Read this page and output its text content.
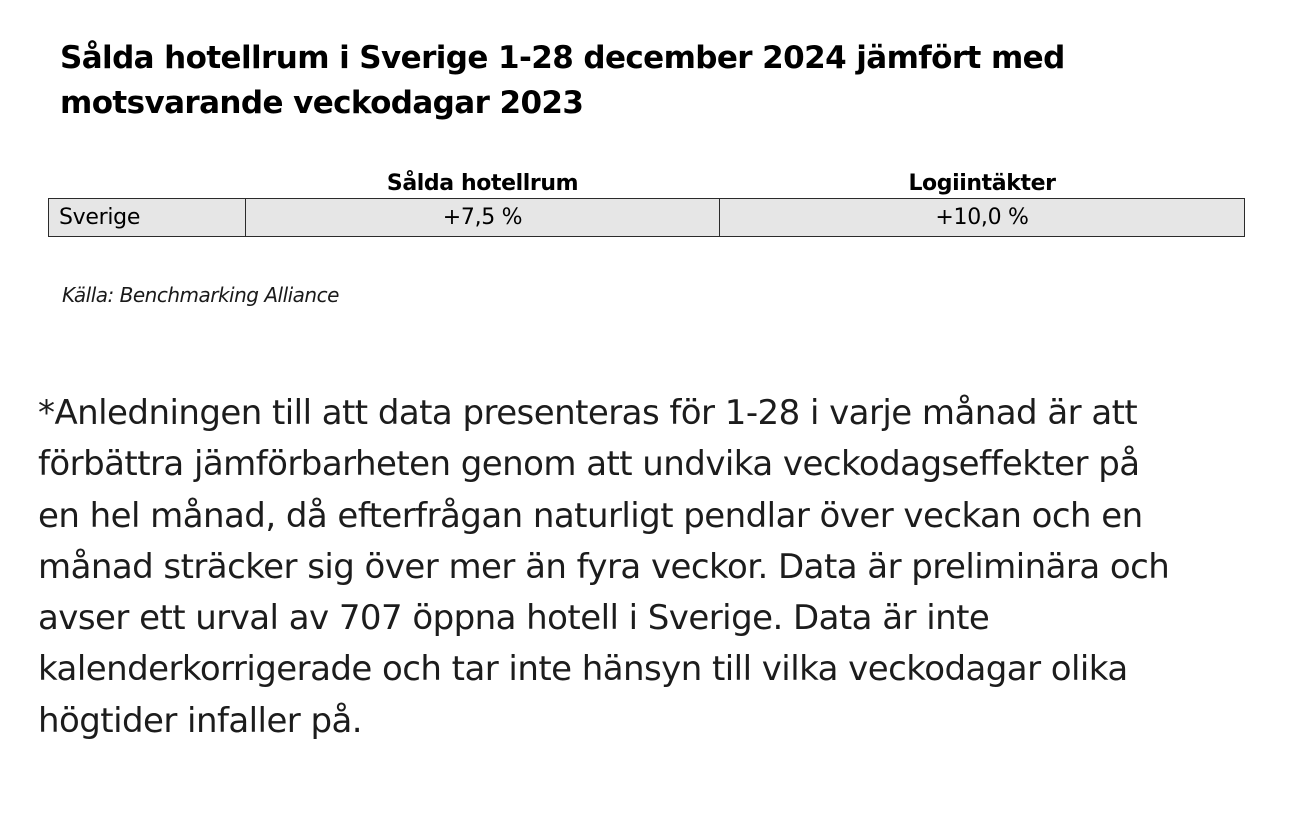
Sålda hotellrum i Sverige 1-28 december 2024 jämfört med
motsvarande veckodagar 2023
	Sålda hotellrum	Logiintäkter
Sverige	+7,5 %	+10,0 %
Källa: Benchmarking Alliance
*Anledningen till att data presenteras för 1-28 i varje månad är att
förbättra jämförbarheten genom att undvika veckodagseffekter på
en hel månad, då efterfrågan naturligt pendlar över veckan och en
månad sträcker sig över mer än fyra veckor. Data är preliminära och
avser ett urval av 707 öppna hotell i Sverige. Data är inte
kalenderkorrigerade och tar inte hänsyn till vilka veckodagar olika
högtider infaller på.
